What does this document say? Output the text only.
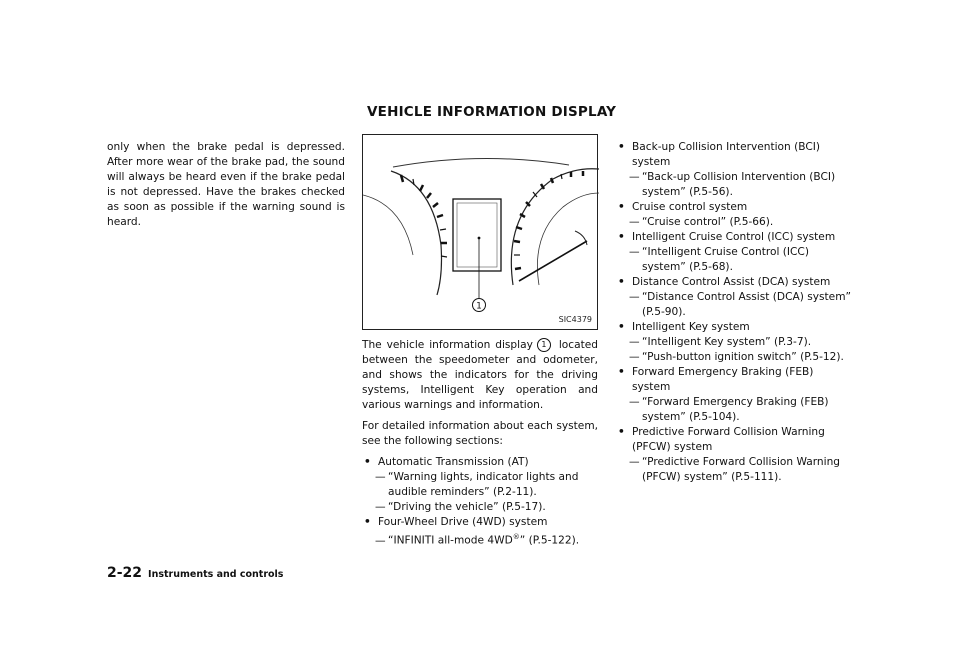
VEHICLE INFORMATION DISPLAY

only when the brake pedal is depressed. After more wear of the brake pad, the sound will always be heard even if the brake pedal is not depressed. Have the brakes checked as soon as possible if the warning sound is heard.

1
SIC4379

The vehicle information display 1 located between the speedometer and odometer, and shows the indicators for the driving systems, Intelligent Key operation and various warnings and information.

For detailed information about each system, see the following sections:

• Automatic Transmission (AT)
— “Warning lights, indicator lights and audible reminders” (P.2-11).
— “Driving the vehicle” (P.5-17).
• Four-Wheel Drive (4WD) system
— “INFINITI all-mode 4WD®” (P.5-122).
• Back-up Collision Intervention (BCI) system
— “Back-up Collision Intervention (BCI) system” (P.5-56).
• Cruise control system
— “Cruise control” (P.5-66).
• Intelligent Cruise Control (ICC) system
— “Intelligent Cruise Control (ICC) system” (P.5-68).
• Distance Control Assist (DCA) system
— “Distance Control Assist (DCA) system” (P.5-90).
• Intelligent Key system
— “Intelligent Key system” (P.3-7).
— “Push-button ignition switch” (P.5-12).
• Forward Emergency Braking (FEB) system
— “Forward Emergency Braking (FEB) system” (P.5-104).
• Predictive Forward Collision Warning (PFCW) system
— “Predictive Forward Collision Warning (PFCW) system” (P.5-111).
2-22 Instruments and controls
